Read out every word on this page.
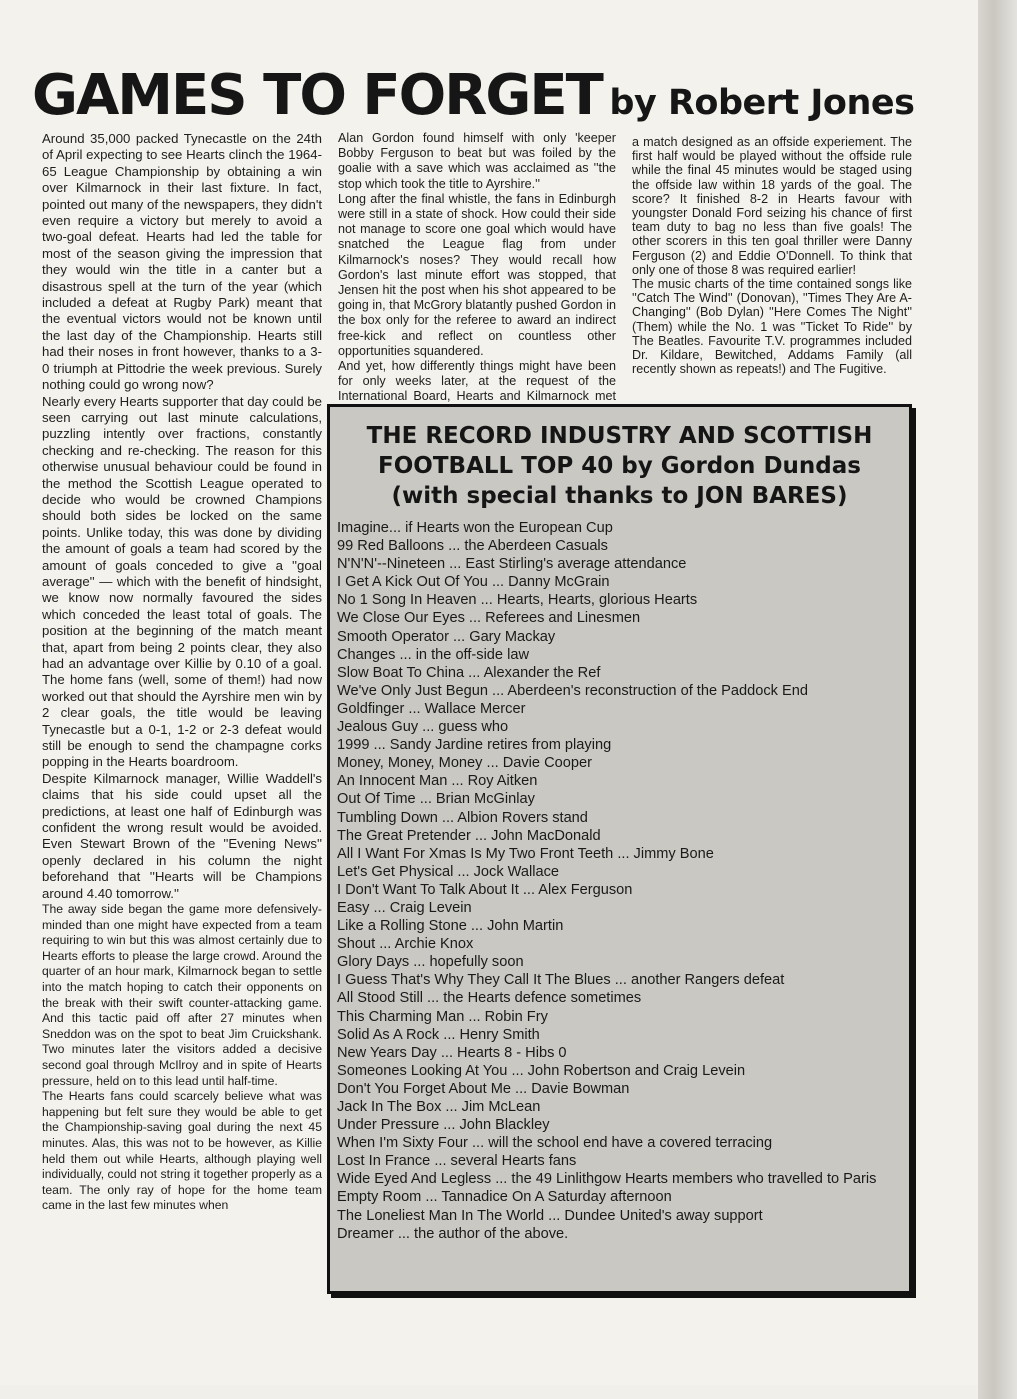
GAMES TO FORGET by Robert Jones

Around 35,000 packed Tynecastle on the 24th of April expecting to see Hearts clinch the 1964-65 League Championship by obtaining a win over Kilmarnock in their last fixture. In fact, pointed out many of the newspapers, they didn't even require a victory but merely to avoid a two-goal defeat. Hearts had led the table for most of the season giving the impression that they would win the title in a canter but a disastrous spell at the turn of the year (which included a defeat at Rugby Park) meant that the eventual victors would not be known until the last day of the Championship. Hearts still had their noses in front however, thanks to a 3-0 triumph at Pittodrie the week previous. Surely nothing could go wrong now?

Nearly every Hearts supporter that day could be seen carrying out last minute calculations, puzzling intently over fractions, constantly checking and re-checking. The reason for this otherwise unusual behaviour could be found in the method the Scottish League operated to decide who would be crowned Champions should both sides be locked on the same points. Unlike today, this was done by dividing the amount of goals a team had scored by the amount of goals conceded to give a ''goal average'' — which with the benefit of hindsight, we know now normally favoured the sides which conceded the least total of goals. The position at the beginning of the match meant that, apart from being 2 points clear, they also had an advantage over Killie by 0.10 of a goal. The home fans (well, some of them!) had now worked out that should the Ayrshire men win by 2 clear goals, the title would be leaving Tynecastle but a 0-1, 1-2 or 2-3 defeat would still be enough to send the champagne corks popping in the Hearts boardroom.

Despite Kilmarnock manager, Willie Waddell's claims that his side could upset all the predictions, at least one half of Edinburgh was confident the wrong result would be avoided. Even Stewart Brown of the ''Evening News'' openly declared in his column the night beforehand that ''Hearts will be Champions around 4.40 tomorrow.''

The away side began the game more defensively-minded than one might have expected from a team requiring to win but this was almost certainly due to Hearts efforts to please the large crowd. Around the quarter of an hour mark, Kilmarnock began to settle into the match hoping to catch their opponents on the break with their swift counter-attacking game. And this tactic paid off after 27 minutes when Sneddon was on the spot to beat Jim Cruickshank. Two minutes later the visitors added a decisive second goal through McIlroy and in spite of Hearts pressure, held on to this lead until half-time.

The Hearts fans could scarcely believe what was happening but felt sure they would be able to get the Championship-saving goal during the next 45 minutes. Alas, this was not to be however, as Killie held them out while Hearts, although playing well individually, could not string it together properly as a team. The only ray of hope for the home team came in the last few minutes when

Alan Gordon found himself with only 'keeper Bobby Ferguson to beat but was foiled by the goalie with a save which was acclaimed as ''the stop which took the title to Ayrshire.''

Long after the final whistle, the fans in Edinburgh were still in a state of shock. How could their side not manage to score one goal which would have snatched the League flag from under Kilmarnock's noses? They would recall how Gordon's last minute effort was stopped, that Jensen hit the post when his shot appeared to be going in, that McGrory blatantly pushed Gordon in the box only for the referee to award an indirect free-kick and reflect on countless other opportunities squandered.

And yet, how differently things might have been for only weeks later, at the request of the International Board, Hearts and Kilmarnock met

a match designed as an offside experiement. The first half would be played without the offside rule while the final 45 minutes would be staged using the offside law within 18 yards of the goal. The score? It finished 8-2 in Hearts favour with youngster Donald Ford seizing his chance of first team duty to bag no less than five goals! The other scorers in this ten goal thriller were Danny Ferguson (2) and Eddie O'Donnell. To think that only one of those 8 was required earlier!

The music charts of the time contained songs like ''Catch The Wind'' (Donovan), ''Times They Are A-Changing'' (Bob Dylan) ''Here Comes The Night'' (Them) while the No. 1 was ''Ticket To Ride'' by The Beatles. Favourite T.V. programmes included Dr. Kildare, Bewitched, Addams Family (all recently shown as repeats!) and The Fugitive.

THE RECORD INDUSTRY AND SCOTTISH
FOOTBALL TOP 40 by Gordon Dundas
(with special thanks to JON BARES)
Imagine... if Hearts won the European Cup
99 Red Balloons ... the Aberdeen Casuals
N'N'N'--Nineteen ... East Stirling's average attendance
I Get A Kick Out Of You ... Danny McGrain
No 1 Song In Heaven ... Hearts, Hearts, glorious Hearts
We Close Our Eyes ... Referees and Linesmen
Smooth Operator ... Gary Mackay
Changes ... in the off-side law
Slow Boat To China ... Alexander the Ref
We've Only Just Begun ... Aberdeen's reconstruction of the Paddock End
Goldfinger ... Wallace Mercer
Jealous Guy ... guess who
1999 ... Sandy Jardine retires from playing
Money, Money, Money ... Davie Cooper
An Innocent Man ... Roy Aitken
Out Of Time ... Brian McGinlay
Tumbling Down ... Albion Rovers stand
The Great Pretender ... John MacDonald
All I Want For Xmas Is My Two Front Teeth ... Jimmy Bone
Let's Get Physical ... Jock Wallace
I Don't Want To Talk About It ... Alex Ferguson
Easy ... Craig Levein
Like a Rolling Stone ... John Martin
Shout ... Archie Knox
Glory Days ... hopefully soon
I Guess That's Why They Call It The Blues ... another Rangers defeat
All Stood Still ... the Hearts defence sometimes
This Charming Man ... Robin Fry
Solid As A Rock ... Henry Smith
New Years Day ... Hearts 8 - Hibs 0
Someones Looking At You ... John Robertson and Craig Levein
Don't You Forget About Me ... Davie Bowman
Jack In The Box ... Jim McLean
Under Pressure ... John Blackley
When I'm Sixty Four ... will the school end have a covered terracing
Lost In France ... several Hearts fans
Wide Eyed And Legless ... the 49 Linlithgow Hearts members who travelled to Paris
Empty Room ... Tannadice On A Saturday afternoon
The Loneliest Man In The World ... Dundee United's away support
Dreamer ... the author of the above.
